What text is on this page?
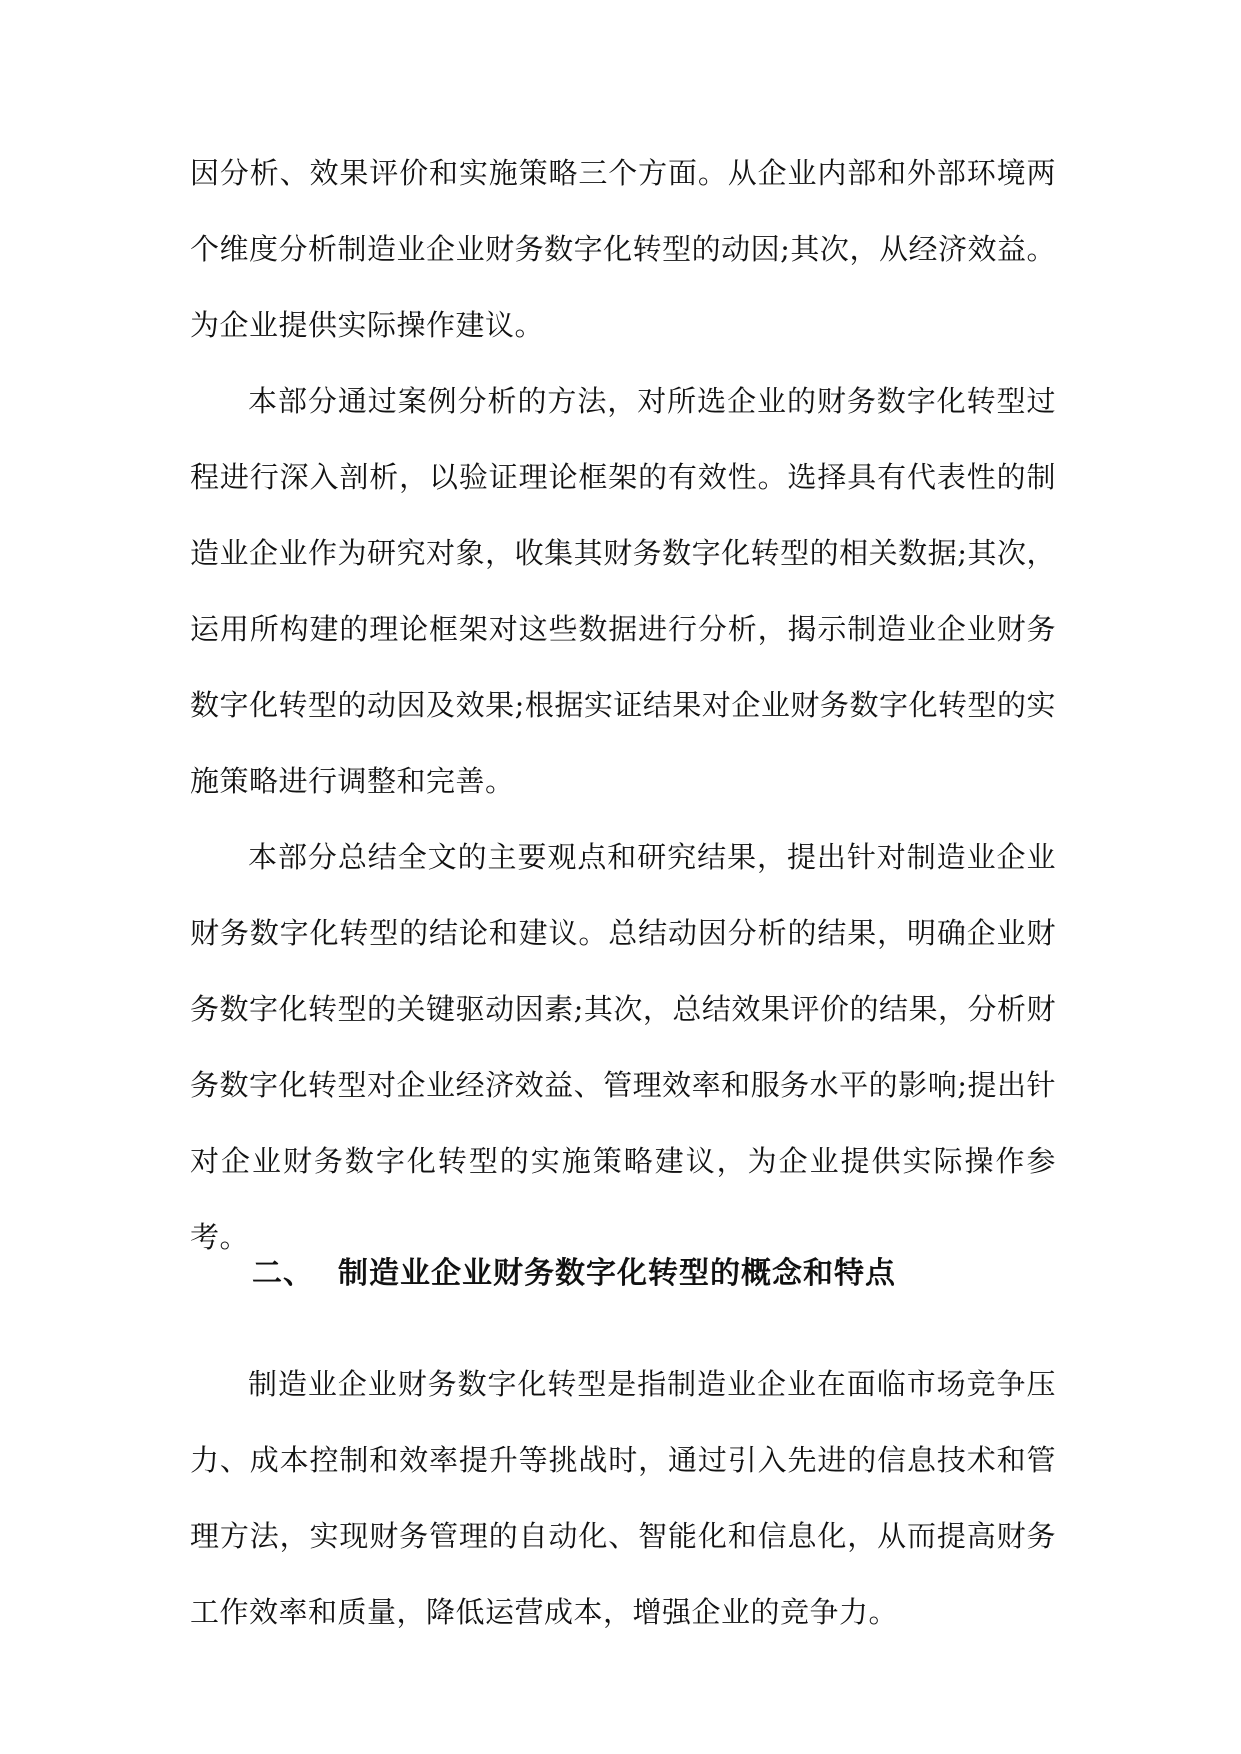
因分析、效果评价和实施策略三个方面。从企业内部和外部环境两个维度分析制造业企业财务数字化转型的动因;其次，从经济效益。为企业提供实际操作建议。

本部分通过案例分析的方法，对所选企业的财务数字化转型过程进行深入剖析，以验证理论框架的有效性。选择具有代表性的制造业企业作为研究对象，收集其财务数字化转型的相关数据;其次，运用所构建的理论框架对这些数据进行分析，揭示制造业企业财务数字化转型的动因及效果;根据实证结果对企业财务数字化转型的实施策略进行调整和完善。

本部分总结全文的主要观点和研究结果，提出针对制造业企业财务数字化转型的结论和建议。总结动因分析的结果，明确企业财务数字化转型的关键驱动因素;其次，总结效果评价的结果，分析财务数字化转型对企业经济效益、管理效率和服务水平的影响;提出针对企业财务数字化转型的实施策略建议，为企业提供实际操作参考。

二、 制造业企业财务数字化转型的概念和特点

制造业企业财务数字化转型是指制造业企业在面临市场竞争压力、成本控制和效率提升等挑战时，通过引入先进的信息技术和管理方法，实现财务管理的自动化、智能化和信息化，从而提高财务工作效率和质量，降低运营成本，增强企业的竞争力。
